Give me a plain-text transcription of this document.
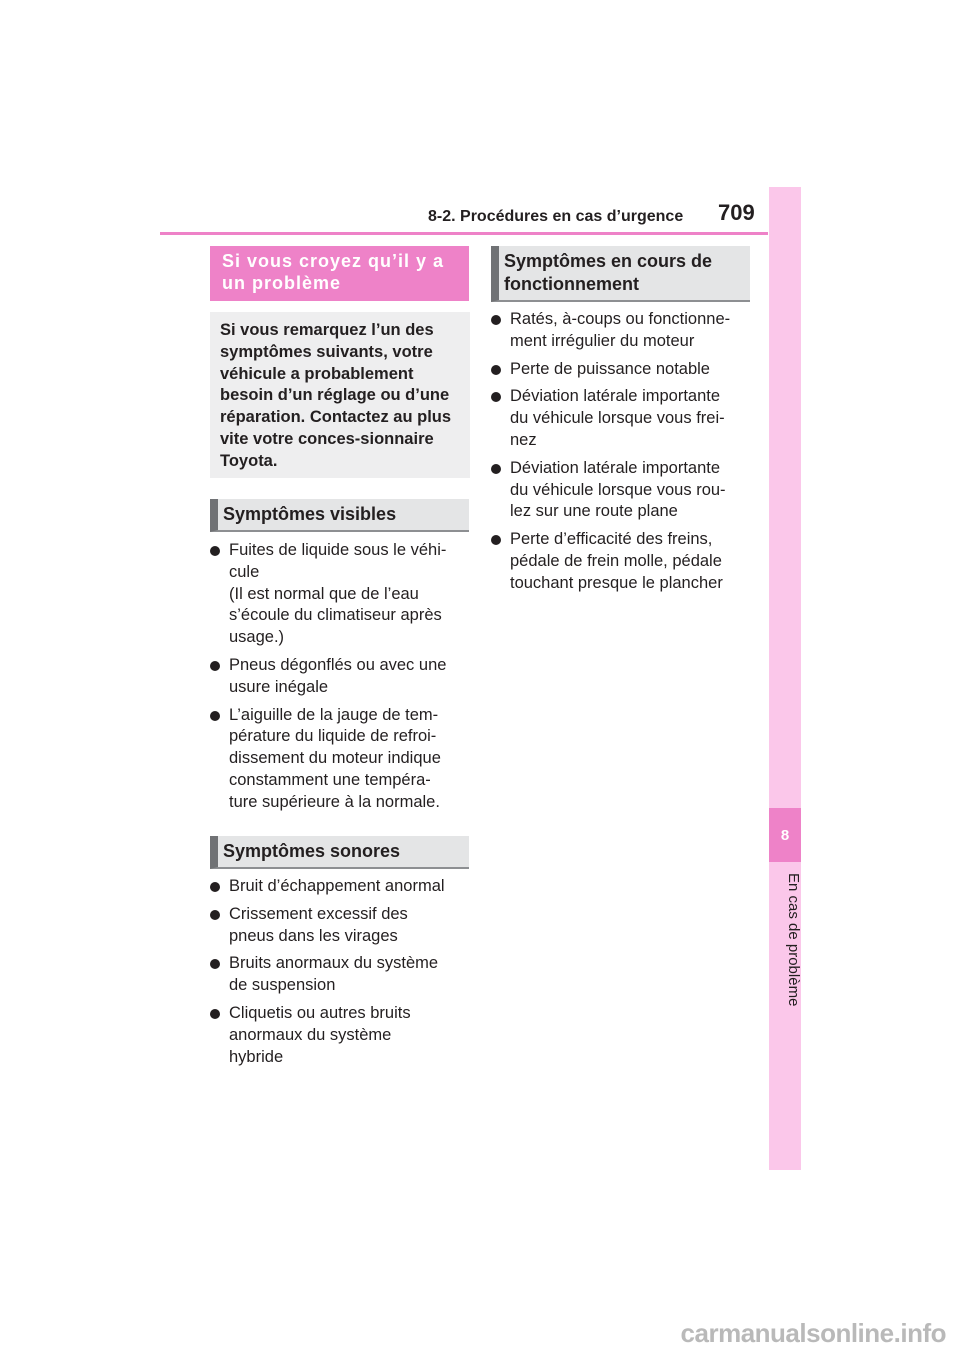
8-2. Procédures en cas d’urgence 709
8
En cas de problème
Si vous croyez qu’il y a un problème
Si vous remarquez l’un des symptômes suivants, votre véhicule a probablement besoin d’un réglage ou d’une réparation. Contactez au plus vite votre conces-sionnaire Toyota.
Symptômes visibles
Fuites de liquide sous le véhi-
cule
(Il est normal que de l’eau
s’écoule du climatiseur après
usage.)
Pneus dégonflés ou avec une
usure inégale
L’aiguille de la jauge de tem-
pérature du liquide de refroi-
dissement du moteur indique
constamment une tempéra-
ture supérieure à la normale.
Symptômes sonores
Bruit d’échappement anormal
Crissement excessif des
pneus dans les virages
Bruits anormaux du système
de suspension
Cliquetis ou autres bruits
anormaux du système
hybride
Symptômes en cours de fonctionnement
Ratés, à-coups ou fonctionne-
ment irrégulier du moteur
Perte de puissance notable
Déviation latérale importante
du véhicule lorsque vous frei-
nez
Déviation latérale importante
du véhicule lorsque vous rou-
lez sur une route plane
Perte d’efficacité des freins,
pédale de frein molle, pédale
touchant presque le plancher
carmanualsonline.info
